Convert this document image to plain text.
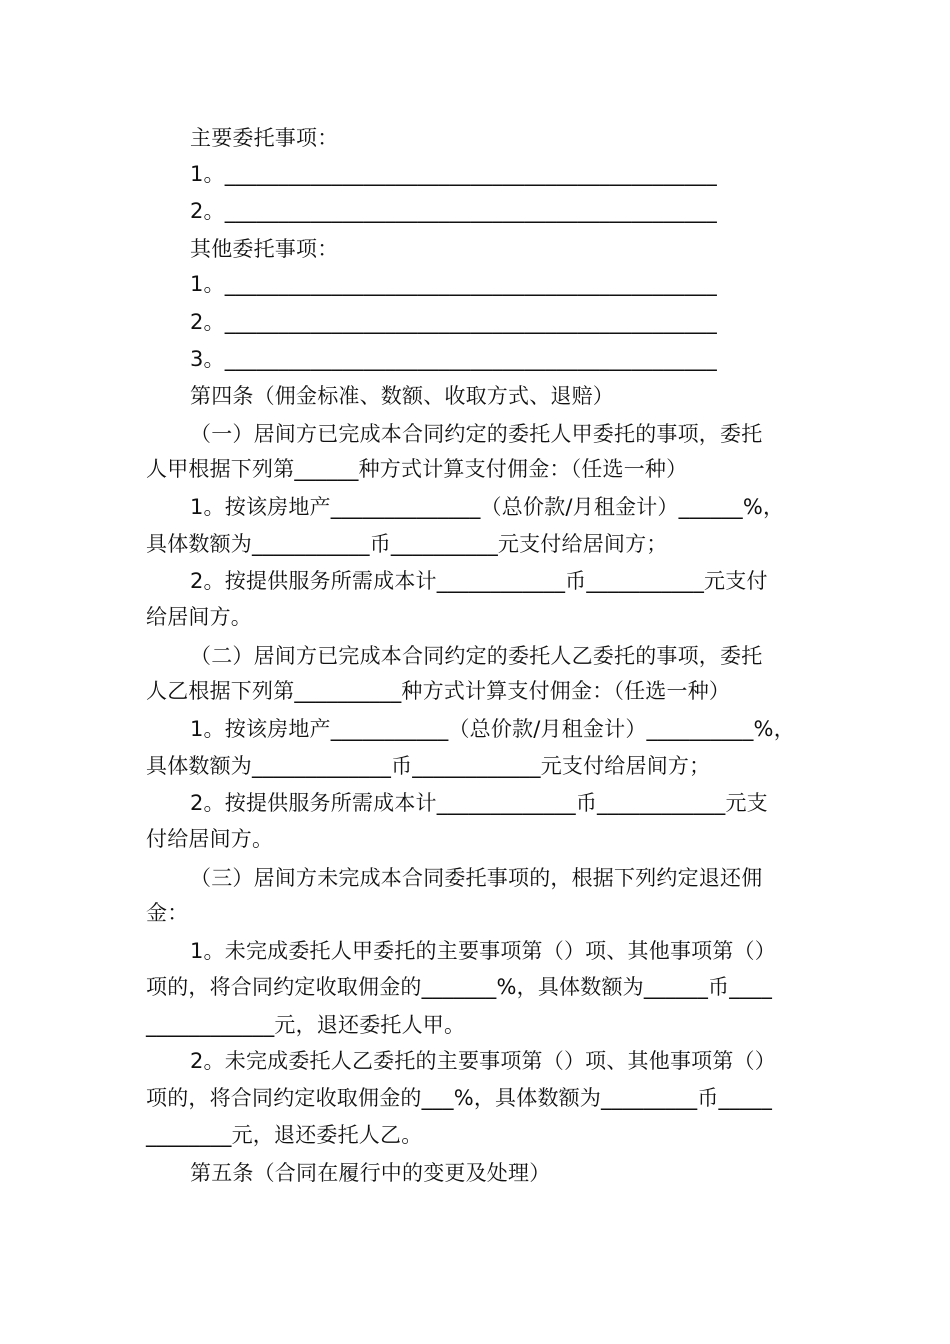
主要委托事项：
1。______________________________________________
2。______________________________________________
其他委托事项：
1。______________________________________________
2。______________________________________________
3。______________________________________________
第四条（佣金标准、数额、收取方式、退赔）
（一）居间方已完成本合同约定的委托人甲委托的事项，委托
人甲根据下列第______种方式计算支付佣金：（任选一种）
1。按该房地产______________（总价款/月租金计）______%，
具体数额为___________币__________元支付给居间方；
2。按提供服务所需成本计____________币___________元支付
给居间方。
（二）居间方已完成本合同约定的委托人乙委托的事项，委托
人乙根据下列第__________种方式计算支付佣金：（任选一种）
1。按该房地产___________（总价款/月租金计）__________%，
具体数额为_____________币____________元支付给居间方；
2。按提供服务所需成本计_____________币____________元支
付给居间方。
（三）居间方未完成本合同委托事项的，根据下列约定退还佣
金：
1。未完成委托人甲委托的主要事项第（）项、其他事项第（）
项的，将合同约定收取佣金的_______%，具体数额为______币____
____________元，退还委托人甲。
2。未完成委托人乙委托的主要事项第（）项、其他事项第（）
项的，将合同约定收取佣金的___%，具体数额为_________币_____
________元，退还委托人乙。
第五条（合同在履行中的变更及处理）
